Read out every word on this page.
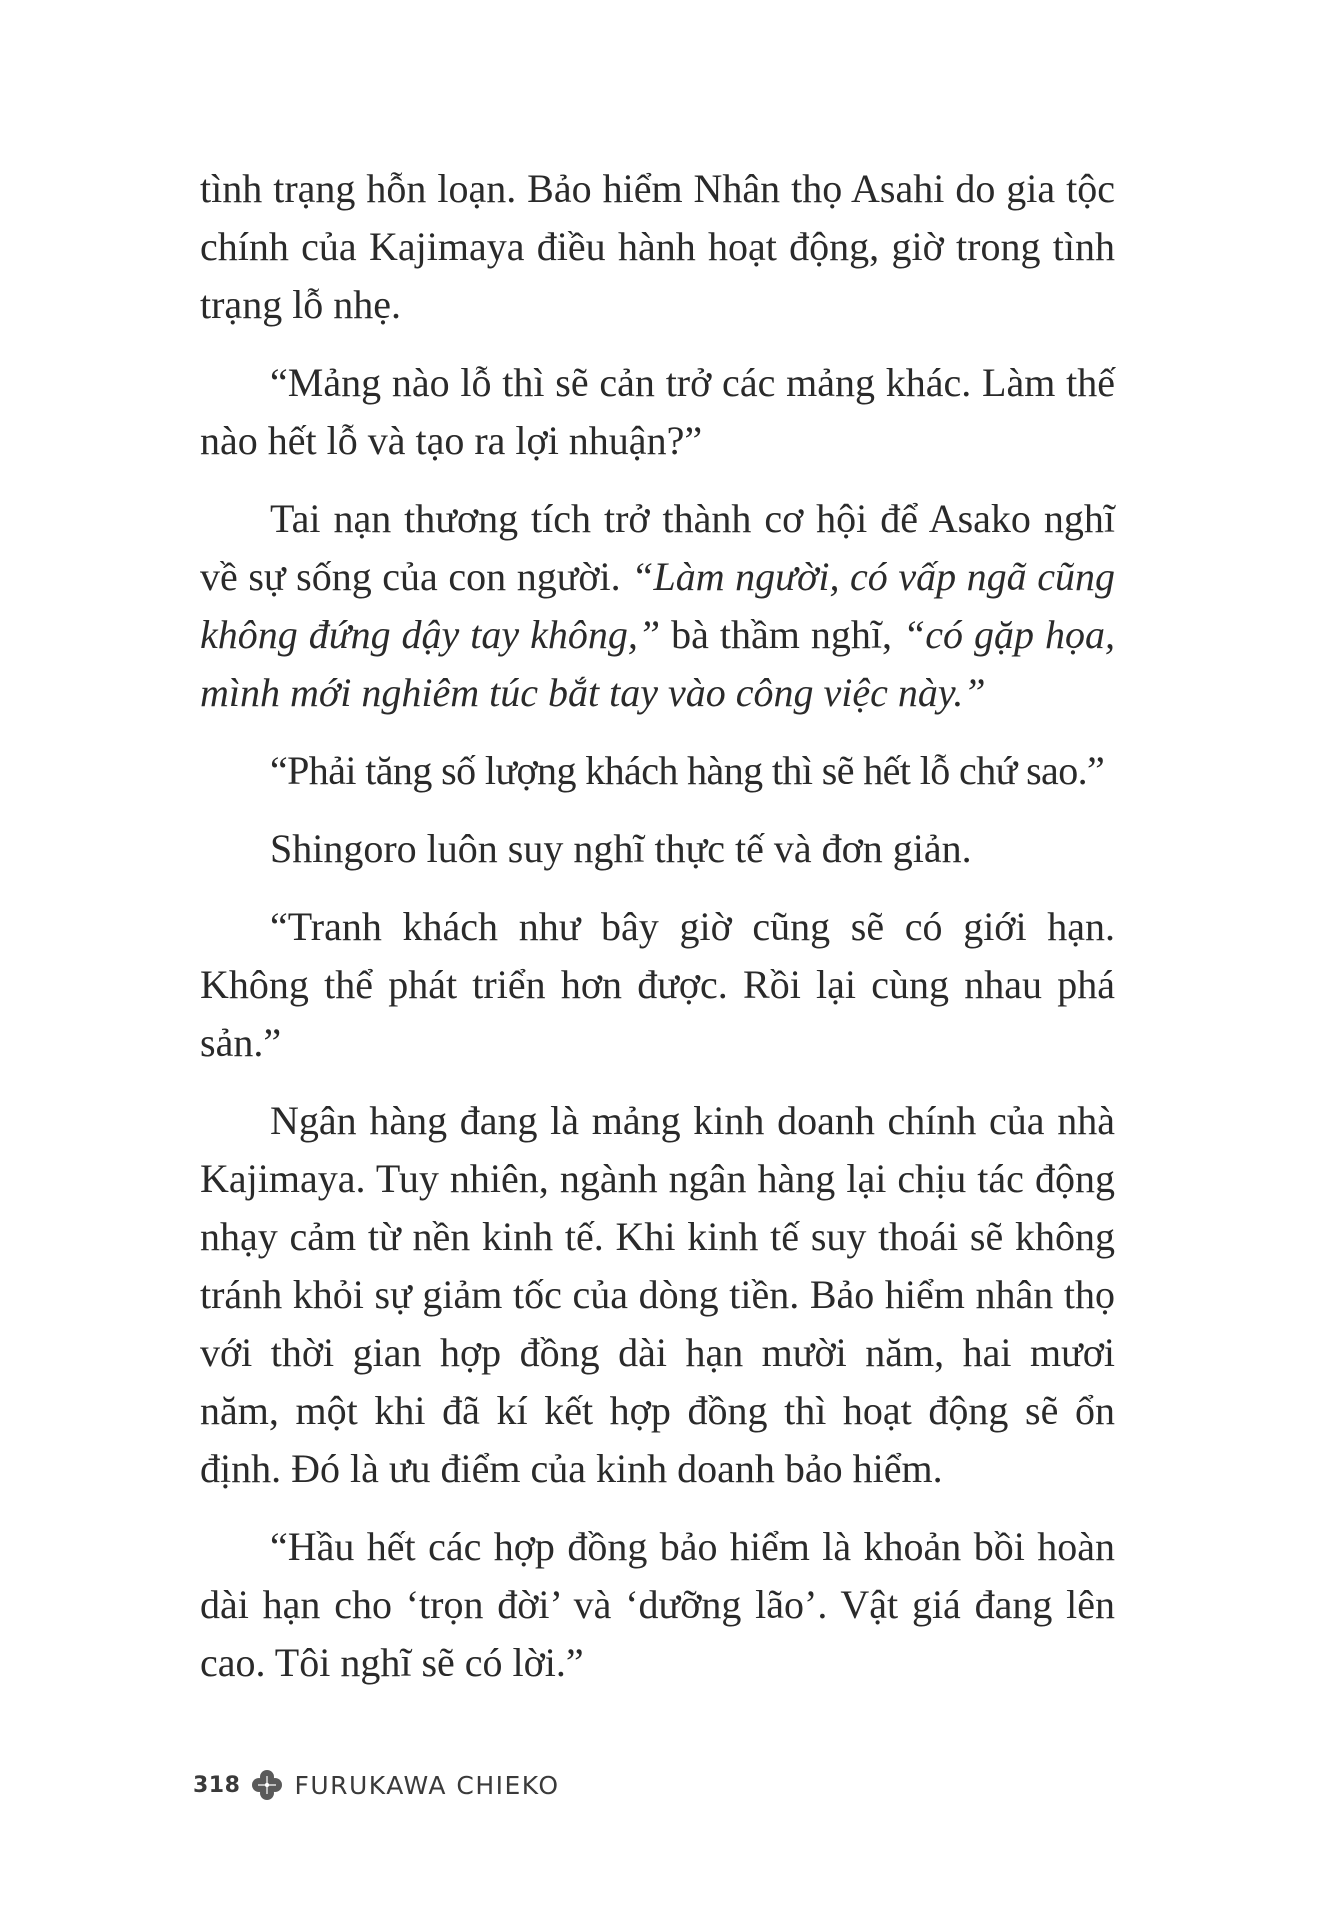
tình trạng hỗn loạn. Bảo hiểm Nhân thọ Asahi do gia tộc chính của Kajimaya điều hành hoạt động, giờ trong tình trạng lỗ nhẹ.

“Mảng nào lỗ thì sẽ cản trở các mảng khác. Làm thế nào hết lỗ và tạo ra lợi nhuận?”

Tai nạn thương tích trở thành cơ hội để Asako nghĩ về sự sống của con người. “Làm người, có vấp ngã cũng không đứng dậy tay không,” bà thầm nghĩ, “có gặp họa, mình mới nghiêm túc bắt tay vào công việc này.”

“Phải tăng số lượng khách hàng thì sẽ hết lỗ chứ sao.”

Shingoro luôn suy nghĩ thực tế và đơn giản.

“Tranh khách như bây giờ cũng sẽ có giới hạn. Không thể phát triển hơn được. Rồi lại cùng nhau phá sản.”

Ngân hàng đang là mảng kinh doanh chính của nhà Kajimaya. Tuy nhiên, ngành ngân hàng lại chịu tác động nhạy cảm từ nền kinh tế. Khi kinh tế suy thoái sẽ không tránh khỏi sự giảm tốc của dòng tiền. Bảo hiểm nhân thọ với thời gian hợp đồng dài hạn mười năm, hai mươi năm, một khi đã kí kết hợp đồng thì hoạt động sẽ ổn định. Đó là ưu điểm của kinh doanh bảo hiểm.

“Hầu hết các hợp đồng bảo hiểm là khoản bồi hoàn dài hạn cho ‘trọn đời’ và ‘dưỡng lão’. Vật giá đang lên cao. Tôi nghĩ sẽ có lời.”

318 FURUKAWA CHIEKO
